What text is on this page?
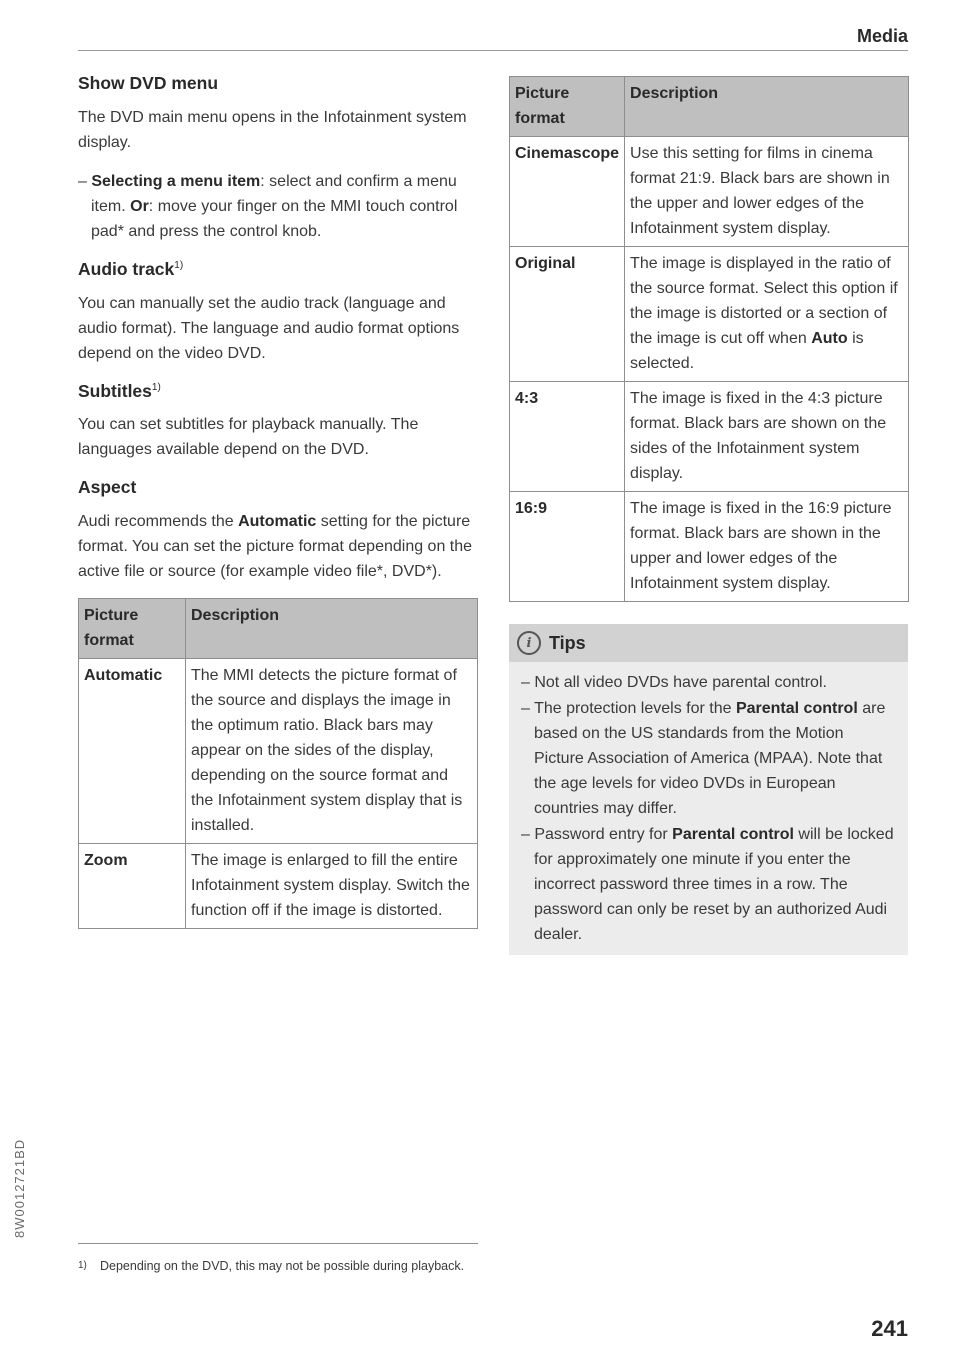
Media
Show DVD menu

The DVD main menu opens in the Infotainment system display.

– Selecting a menu item: select and confirm a menu item. Or: move your finger on the MMI touch control pad* and press the control knob.
Audio track$^{1)}$

You can manually set the audio track (language and audio format). The language and audio format options depend on the video DVD.

Subtitles$^{1)}$

You can set subtitles for playback manually. The languages available depend on the DVD.

Aspect

Audi recommends the Automatic setting for the picture format. You can set the picture format depending on the active file or source (for example video file*, DVD*).

Picture format	Description
Automatic	The MMI detects the picture format of the source and displays the image in the optimum ratio. Black bars may appear on the sides of the display, depending on the source format and the Infotainment system display that is installed.
Zoom	The image is enlarged to fill the entire Infotainment system display. Switch the function off if the image is distorted.
Picture format	Description
Cinemascope	Use this setting for films in cinema format 21:9. Black bars are shown in the upper and lower edges of the Infotainment system display.
Original	The image is displayed in the ratio of the source format. Select this option if the image is distorted or a section of the image is cut off when Auto is selected.
4:3	The image is fixed in the 4:3 picture format. Black bars are shown on the sides of the Infotainment system display.
16:9	The image is fixed in the 16:9 picture format. Black bars are shown in the upper and lower edges of the Infotainment system display.
i Tips
– Not all video DVDs have parental control.
– The protection levels for the Parental control are based on the US standards from the Motion Picture Association of America (MPAA). Note that the age levels for video DVDs in European countries may differ.
– Password entry for Parental control will be locked for approximately one minute if you enter the incorrect password three times in a row. The password can only be reset by an authorized Audi dealer.
1) Depending on the DVD, this may not be possible during playback.
8W0012721BD
241
